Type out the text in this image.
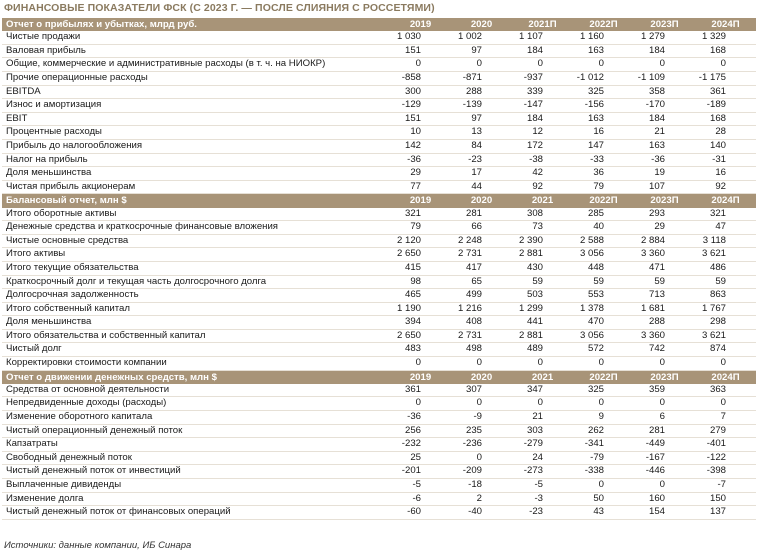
ФИНАНСОВЫЕ ПОКАЗАТЕЛИ ФСК (С 2023 Г. — ПОСЛЕ СЛИЯНИЯ С РОССЕТЯМИ)
Отчет о прибылях и убытках, млрд руб.	2019	2020	2021П	2022П	2023П	2024П
Чистые продажи	1 030	1 002	1 107	1 160	1 279	1 329
Валовая прибыль	151	97	184	163	184	168
Общие, коммерческие и административные расходы (в т. ч. на НИОКР)	0	0	0	0	0	0
Прочие операционные расходы	-858	-871	-937	-1 012	-1 109	-1 175
EBITDA	300	288	339	325	358	361
Износ и амортизация	-129	-139	-147	-156	-170	-189
EBIT	151	97	184	163	184	168
Процентные расходы	10	13	12	16	21	28
Прибыль до налогообложения	142	84	172	147	163	140
Налог на прибыль	-36	-23	-38	-33	-36	-31
Доля меньшинства	29	17	42	36	19	16
Чистая прибыль акционерам	77	44	92	79	107	92
Балансовый отчет, млн $	2019	2020	2021	2022П	2023П	2024П
Итого оборотные активы	321	281	308	285	293	321
Денежные средства и краткосрочные финансовые вложения	79	66	73	40	29	47
Чистые основные средства	2 120	2 248	2 390	2 588	2 884	3 118
Итого активы	2 650	2 731	2 881	3 056	3 360	3 621
Итого текущие обязательства	415	417	430	448	471	486
Краткосрочный долг и текущая часть долгосрочного долга	98	65	59	59	59	59
Долгосрочная задолженность	465	499	503	553	713	863
Итого собственный капитал	1 190	1 216	1 299	1 378	1 681	1 767
Доля меньшинства	394	408	441	470	288	298
Итого обязательства и собственный капитал	2 650	2 731	2 881	3 056	3 360	3 621
Чистый долг	483	498	489	572	742	874
Корректировки стоимости компании	0	0	0	0	0	0
Отчет о движении денежных средств, млн $	2019	2020	2021	2022П	2023П	2024П
Средства от основной деятельности	361	307	347	325	359	363
Непредвиденные доходы (расходы)	0	0	0	0	0	0
Изменение оборотного капитала	-36	-9	21	9	6	7
Чистый операционный денежный поток	256	235	303	262	281	279
Капзатраты	-232	-236	-279	-341	-449	-401
Свободный денежный поток	25	0	24	-79	-167	-122
Чистый денежный поток от инвестиций	-201	-209	-273	-338	-446	-398
Выплаченные дивиденды	-5	-18	-5	0	0	-7
Изменение долга	-6	2	-3	50	160	150
Чистый денежный поток от финансовых операций	-60	-40	-23	43	154	137
Источники: данные компании, ИБ Синара
